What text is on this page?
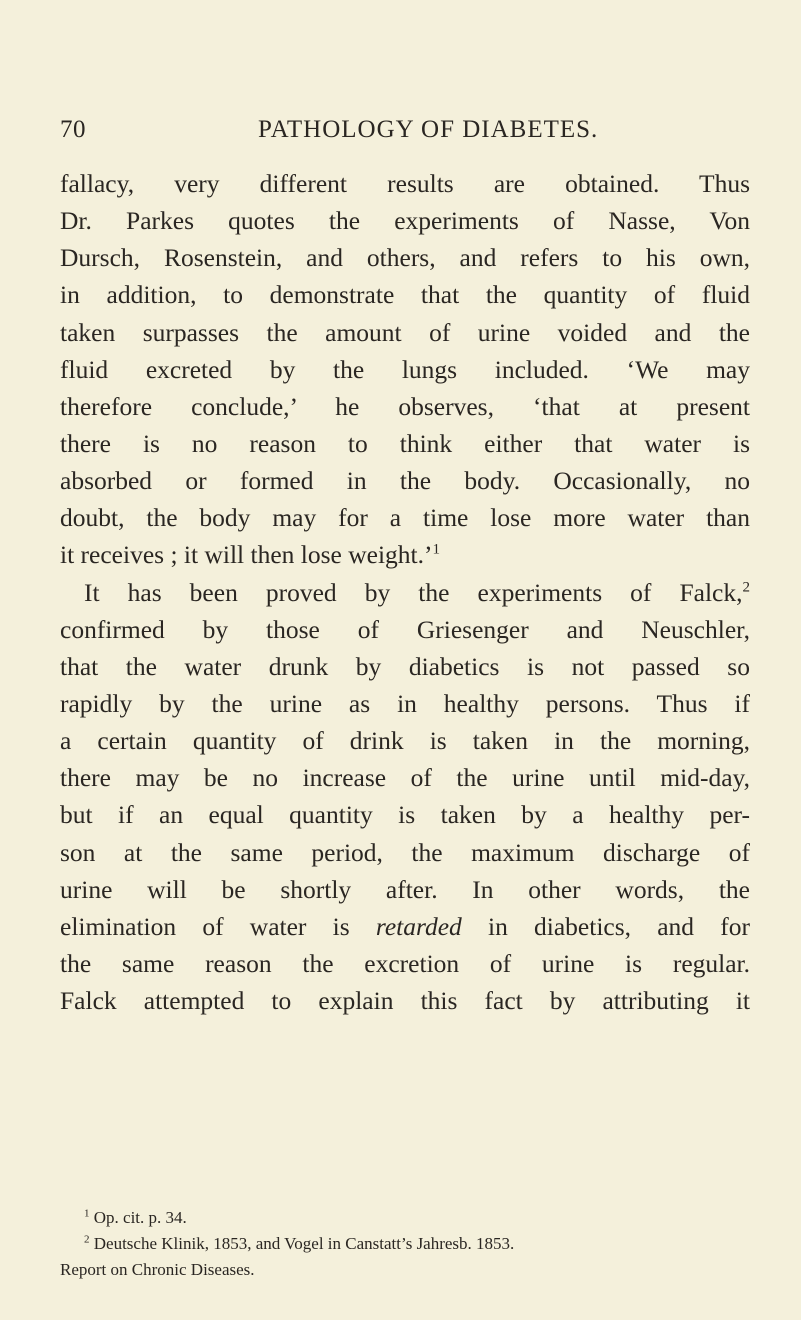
70	PATHOLOGY OF DIABETES.
fallacy, very different results are obtained. Thus
Dr. Parkes quotes the experiments of Nasse, Von
Dursch, Rosenstein, and others, and refers to his own,
in addition, to demonstrate that the quantity of fluid
taken surpasses the amount of urine voided and the
fluid excreted by the lungs included. ‘We may
therefore conclude,’ he observes, ‘that at present
there is no reason to think either that water is
absorbed or formed in the body. Occasionally, no
doubt, the body may for a time lose more water than
it receives ; it will then lose weight.’$^1$
It has been proved by the experiments of Falck,$^2$
confirmed by those of Griesenger and Neuschler,
that the water drunk by diabetics is not passed so
rapidly by the urine as in healthy persons. Thus if
a certain quantity of drink is taken in the morning,
there may be no increase of the urine until mid-day,
but if an equal quantity is taken by a healthy per-
son at the same period, the maximum discharge of
urine will be shortly after. In other words, the
elimination of water is retarded in diabetics, and for
the same reason the excretion of urine is regular.
Falck attempted to explain this fact by attributing it
$^1$ Op. cit. p. 34.
$^2$ Deutsche Klinik, 1853, and Vogel in Canstatt’s Jahresb. 1853.
Report on Chronic Diseases.
